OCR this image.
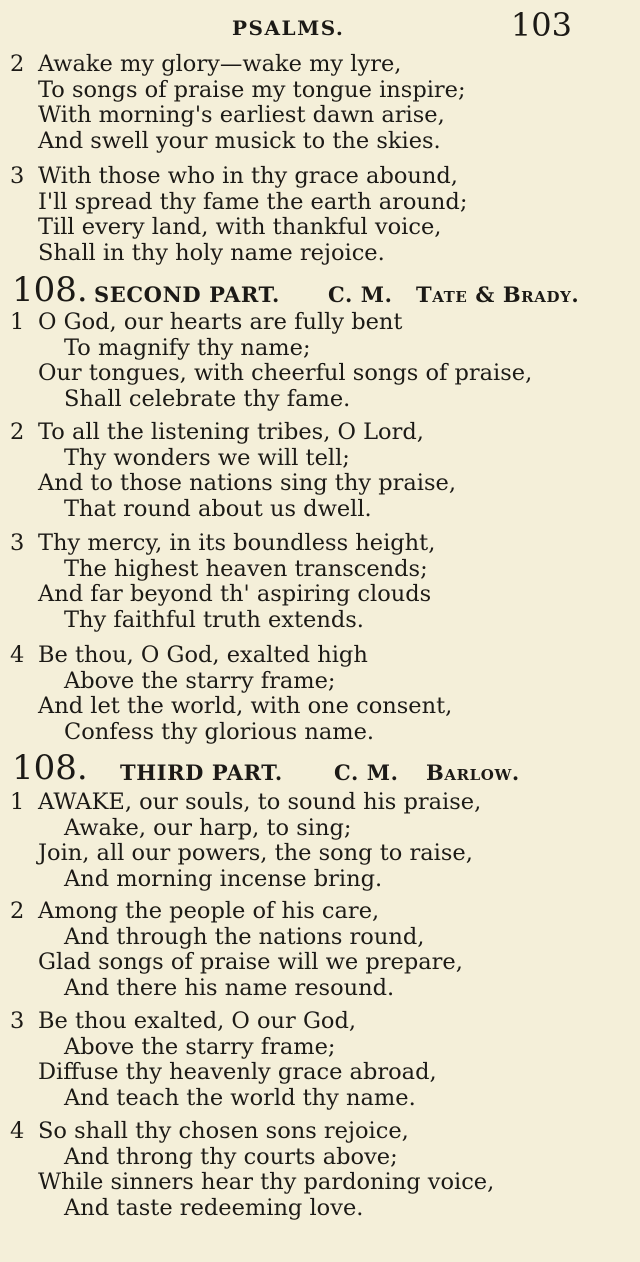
PSALMS.	103
2 Awake my glory—wake my lyre,
To songs of praise my tongue inspire;
With morning's earliest dawn arise,
And swell your musick to the skies.
3 With those who in thy grace abound,
I'll spread thy fame the earth around;
Till every land, with thankful voice,
Shall in thy holy name rejoice.
108. SECOND PART. C. M. Tate & Brady.
1 O God, our hearts are fully bent
To magnify thy name;
Our tongues, with cheerful songs of praise,
Shall celebrate thy fame.
2 To all the listening tribes, O Lord,
Thy wonders we will tell;
And to those nations sing thy praise,
That round about us dwell.
3 Thy mercy, in its boundless height,
The highest heaven transcends;
And far beyond th' aspiring clouds
Thy faithful truth extends.
4 Be thou, O God, exalted high
Above the starry frame;
And let the world, with one consent,
Confess thy glorious name.
108. THIRD PART. C. M. Barlow.
1 AWAKE, our souls, to sound his praise,
Awake, our harp, to sing;
Join, all our powers, the song to raise,
And morning incense bring.
2 Among the people of his care,
And through the nations round,
Glad songs of praise will we prepare,
And there his name resound.
3 Be thou exalted, O our God,
Above the starry frame;
Diffuse thy heavenly grace abroad,
And teach the world thy name.
4 So shall thy chosen sons rejoice,
And throng thy courts above;
While sinners hear thy pardoning voice,
And taste redeeming love.
